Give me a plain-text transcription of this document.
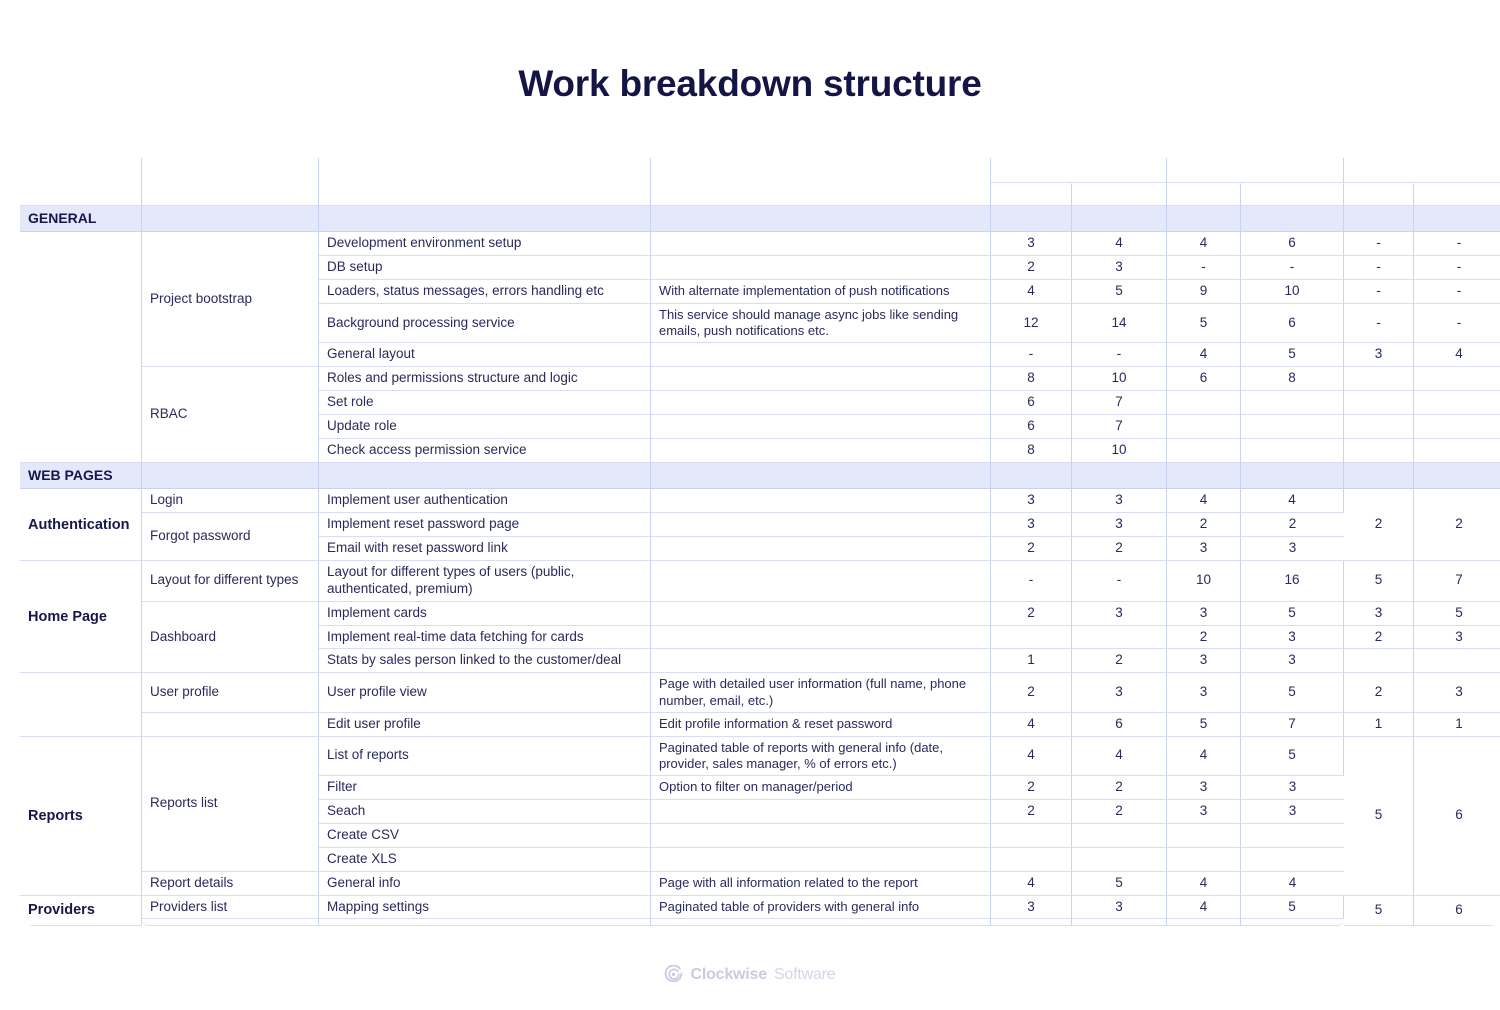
Work breakdown structure
Section	Feature	Task	Comments	Backend		Frontend		UI/UX Design	
				Realistic h	Pessimistic h	Realistic h	Pessimistic h	Realistic h	Pessimistic h
GENERAL									
	Project bootstrap	Development environment setup		3	4	4	6	-	-
		DB setup		2	3	-	-	-	-
		Loaders, status messages, errors handling etc	With alternate implementation of push notifications	4	5	9	10	-	-
		Background processing service	This service should manage async jobs like sending emails, push notifications etc.	12	14	5	6	-	-
		General layout		-	-	4	5	3	4
	RBAC	Roles and permissions structure and logic		8	10	6	8		
		Set role		6	7				
		Update role		6	7				
		Check access permission service		8	10				
WEB PAGES									
Authentication	Login	Implement user authentication		3	3	4	4	2	2
	Forgot password	Implement reset password page		3	3	2	2		
		Email with reset password link		2	2	3	3		
Home Page	Layout for different types	Layout for different types of users (public, authenticated, premium)		-	-	10	16	5	7
	Dashboard	Implement cards		2	3	3	5	3	5
		Implement real-time data fetching for cards				2	3	2	3
		Stats by sales person linked to the customer/deal		1	2	3	3		
	User profile	User profile view	Page with detailed user information (full name, phone number, email, etc.)	2	3	3	5	2	3
		Edit user profile	Edit profile information & reset password	4	6	5	7	1	1
Reports	Reports list	List of reports	Paginated table of reports with general info (date, provider, sales manager, % of errors etc.)	4	4	4	5	5	6
		Filter	Option to filter on manager/period	2	2	3	3		
		Seach		2	2	3	3		
		Create CSV							
		Create XLS							
	Report details	General info	Page with all information related to the report	4	5	4	4		
Providers	Providers list	Mapping settings	Paginated table of providers with general info	3	3	4	5	5	6

Clockwise Software
